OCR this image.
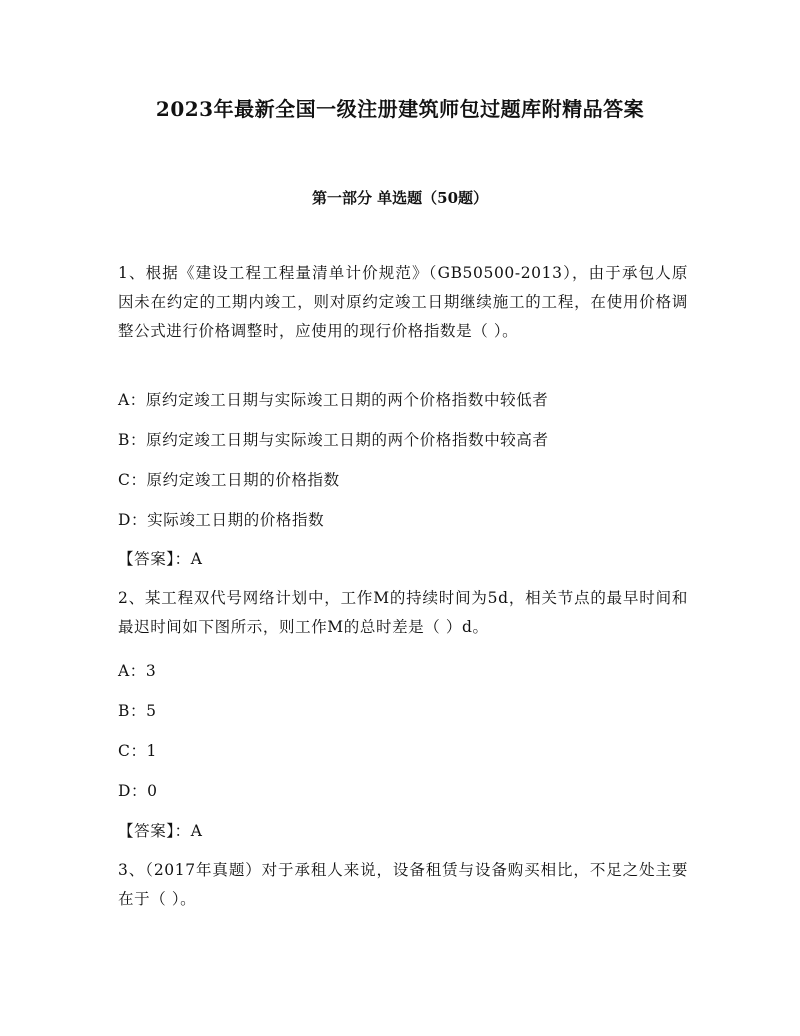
2023年最新全国一级注册建筑师包过题库附精品答案
第一部分 单选题（50题）
1、根据《建设工程工程量清单计价规范》（GB50500-2013），由于承包人原因未在约定的工期内竣工，则对原约定竣工日期继续施工的工程，在使用价格调整公式进行价格调整时，应使用的现行价格指数是（ ）。
A：原约定竣工日期与实际竣工日期的两个价格指数中较低者
B：原约定竣工日期与实际竣工日期的两个价格指数中较高者
C：原约定竣工日期的价格指数
D：实际竣工日期的价格指数
【答案】：A
2、某工程双代号网络计划中，工作M的持续时间为5d，相关节点的最早时间和最迟时间如下图所示，则工作M的总时差是（ ）d。
A：3
B：5
C：1
D：0
【答案】：A
3、（2017年真题）对于承租人来说，设备租赁与设备购买相比，不足之处主要在于（ ）。
